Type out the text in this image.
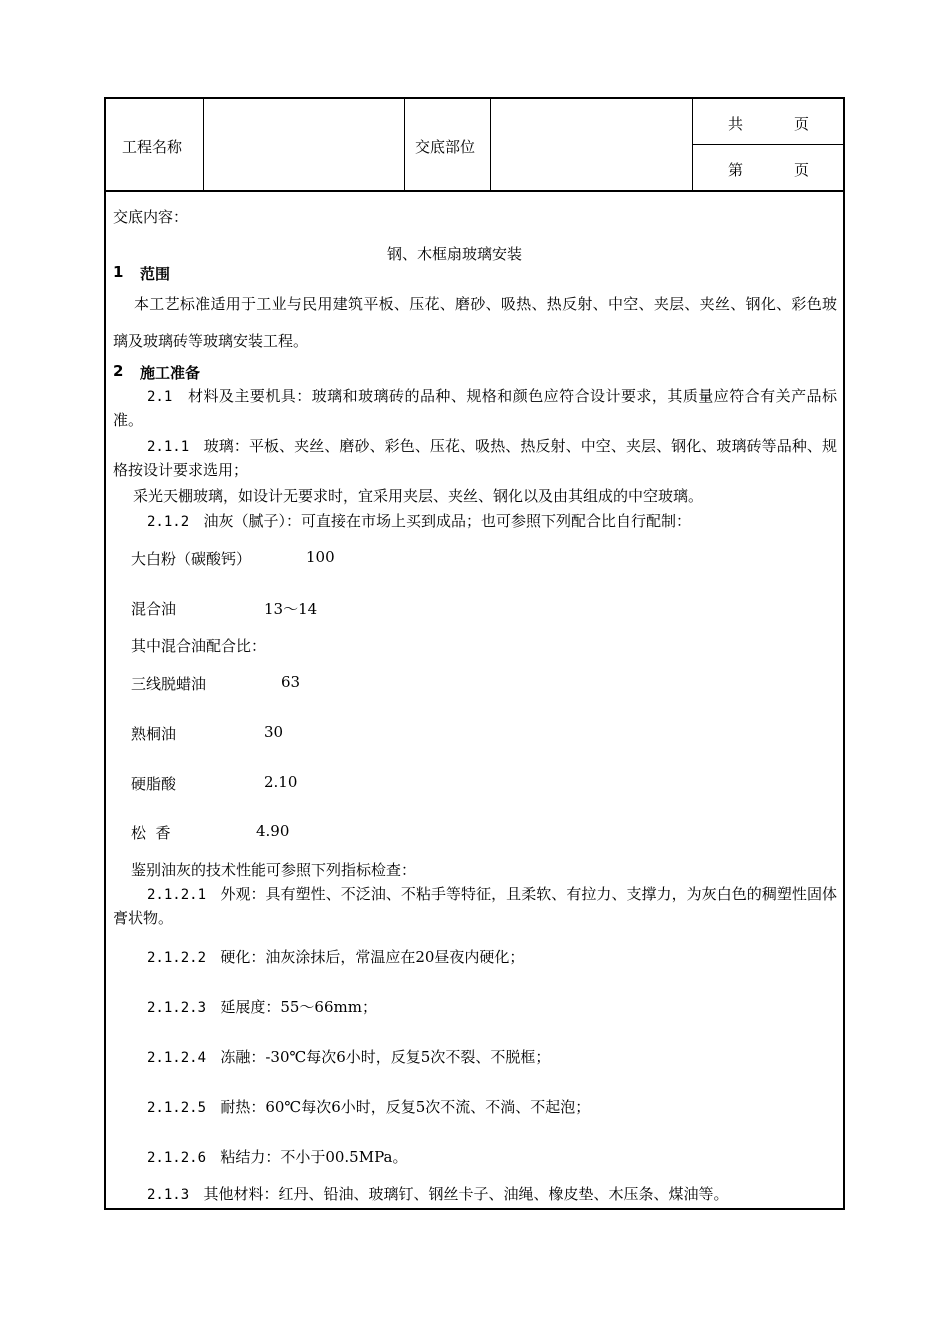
工程名称	交底部位
共	页
第	页
交底内容：
钢、木框扇玻璃安装
1 范围
本工艺标准适用于工业与民用建筑平板、压花、磨砂、吸热、热反射、中空、夹层、夹丝、钢化、彩色玻璃及玻璃砖等玻璃安装工程。
2 施工准备
2.1 材料及主要机具：玻璃和玻璃砖的品种、规格和颜色应符合设计要求，其质量应符合有关产品标准。
2.1.1 玻璃：平板、夹丝、磨砂、彩色、压花、吸热、热反射、中空、夹层、钢化、玻璃砖等品种、规格按设计要求选用；
采光天棚玻璃，如设计无要求时，宜采用夹层、夹丝、钢化以及由其组成的中空玻璃。
2.1.2 油灰（腻子）：可直接在市场上买到成品；也可参照下列配合比自行配制：
大白粉（碳酸钙）	100
混合油	13～14
其中混合油配合比：
三线脱蜡油	63
熟桐油	30
硬脂酸	2.10
松  香	4.90
鉴别油灰的技术性能可参照下列指标检查：
2.1.2.1 外观：具有塑性、不泛油、不粘手等特征，且柔软、有拉力、支撑力，为灰白色的稠塑性固体膏状物。
2.1.2.2 硬化：油灰涂抹后，常温应在20昼夜内硬化；
2.1.2.3 延展度：55～66mm；
2.1.2.4 冻融：-30℃每次6小时，反复5次不裂、不脱框；
2.1.2.5 耐热：60℃每次6小时，反复5次不流、不淌、不起泡；
2.1.2.6 粘结力：不小于00.5MPa。
2.1.3 其他材料：红丹、铅油、玻璃钉、钢丝卡子、油绳、橡皮垫、木压条、煤油等。
